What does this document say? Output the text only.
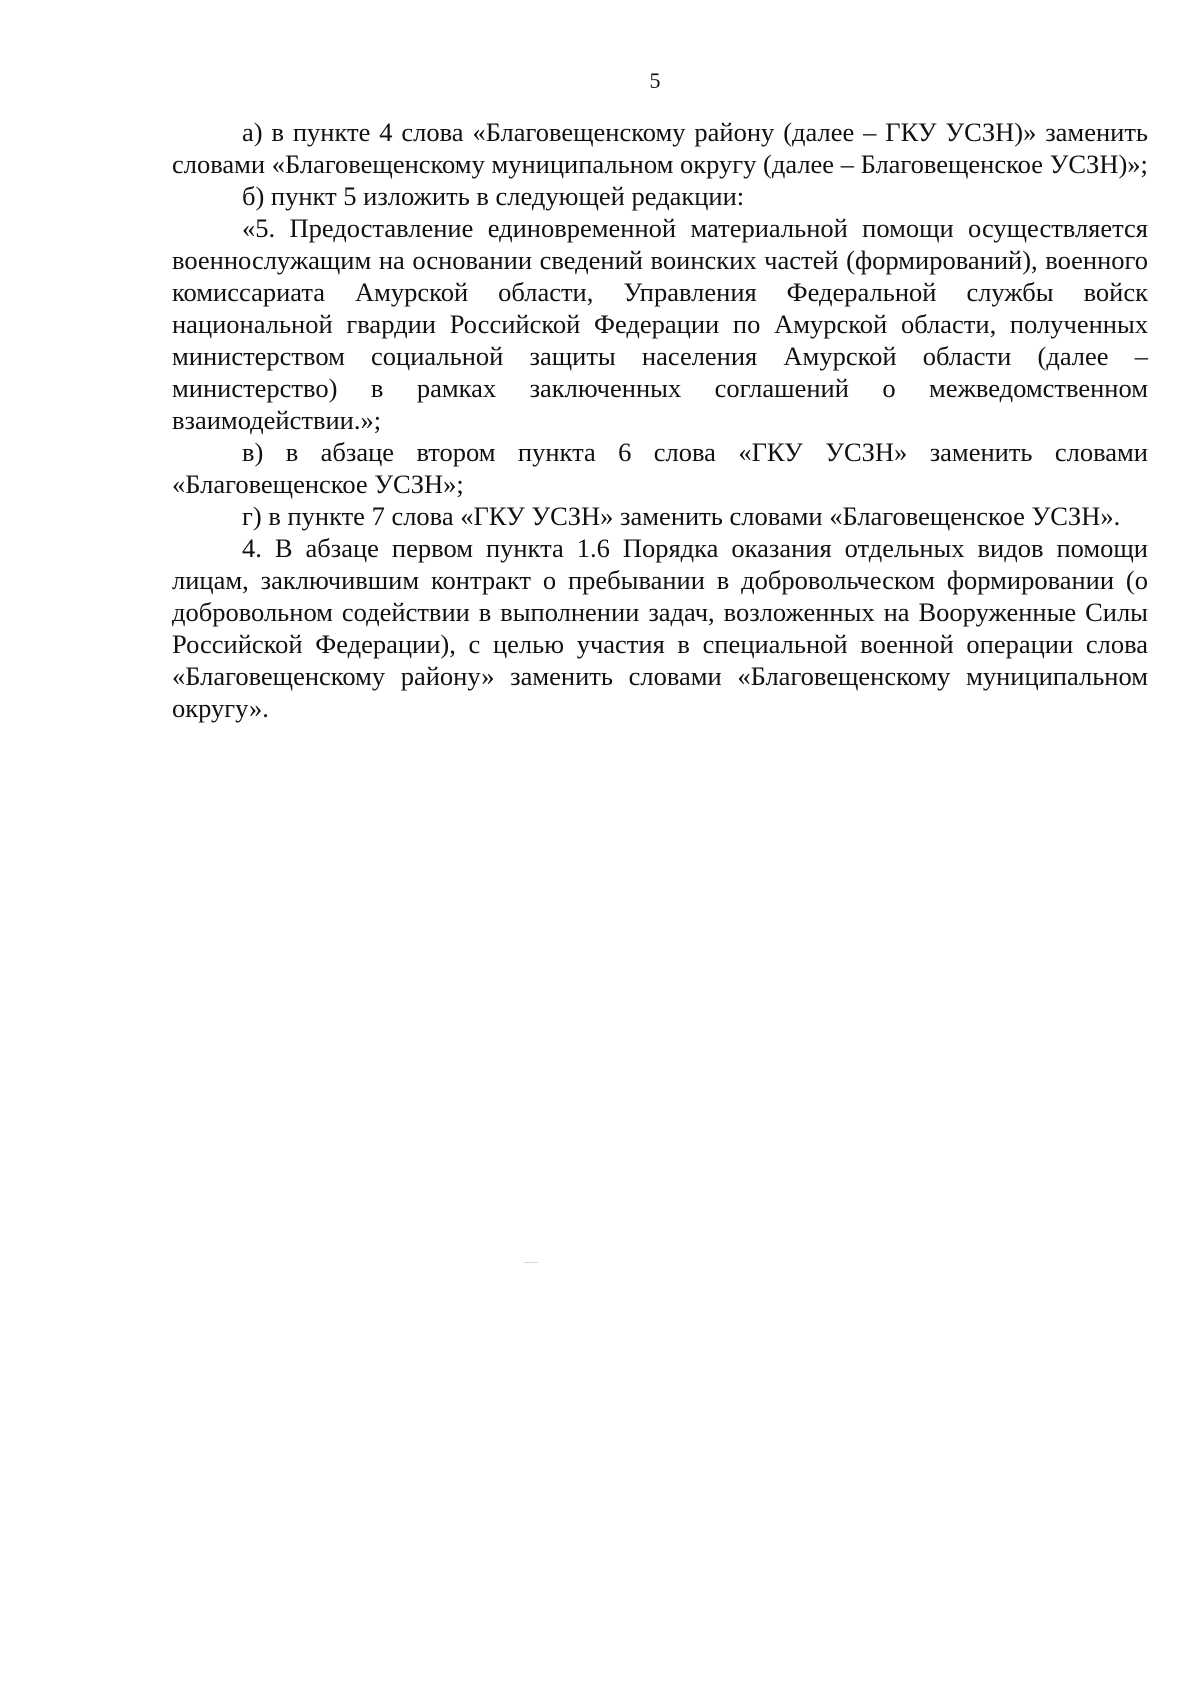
5

а) в пункте 4 слова «Благовещенскому району (далее – ГКУ УСЗН)» заменить словами «Благовещенскому муниципальном округу (далее – Благовещенское УСЗН)»;

б) пункт 5 изложить в следующей редакции:

«5. Предоставление единовременной материальной помощи осуществляется военнослужащим на основании сведений воинских частей (формирований), военного комиссариата Амурской области, Управления Федеральной службы войск национальной гвардии Российской Федерации по Амурской области, полученных министерством социальной защиты населения Амурской области (далее – министерство) в рамках заключенных соглашений о межведомственном взаимодействии.»;

в) в абзаце втором пункта 6 слова «ГКУ УСЗН» заменить словами «Благовещенское УСЗН»;

г) в пункте 7 слова «ГКУ УСЗН» заменить словами «Благовещенское УСЗН».

4. В абзаце первом пункта 1.6 Порядка оказания отдельных видов помощи лицам, заключившим контракт о пребывании в добровольческом формировании (о добровольном содействии в выполнении задач, возложенных на Вооруженные Силы Российской Федерации), с целью участия в специальной военной операции слова «Благовещенскому району» заменить словами «Благовещенскому муниципальном округу».
